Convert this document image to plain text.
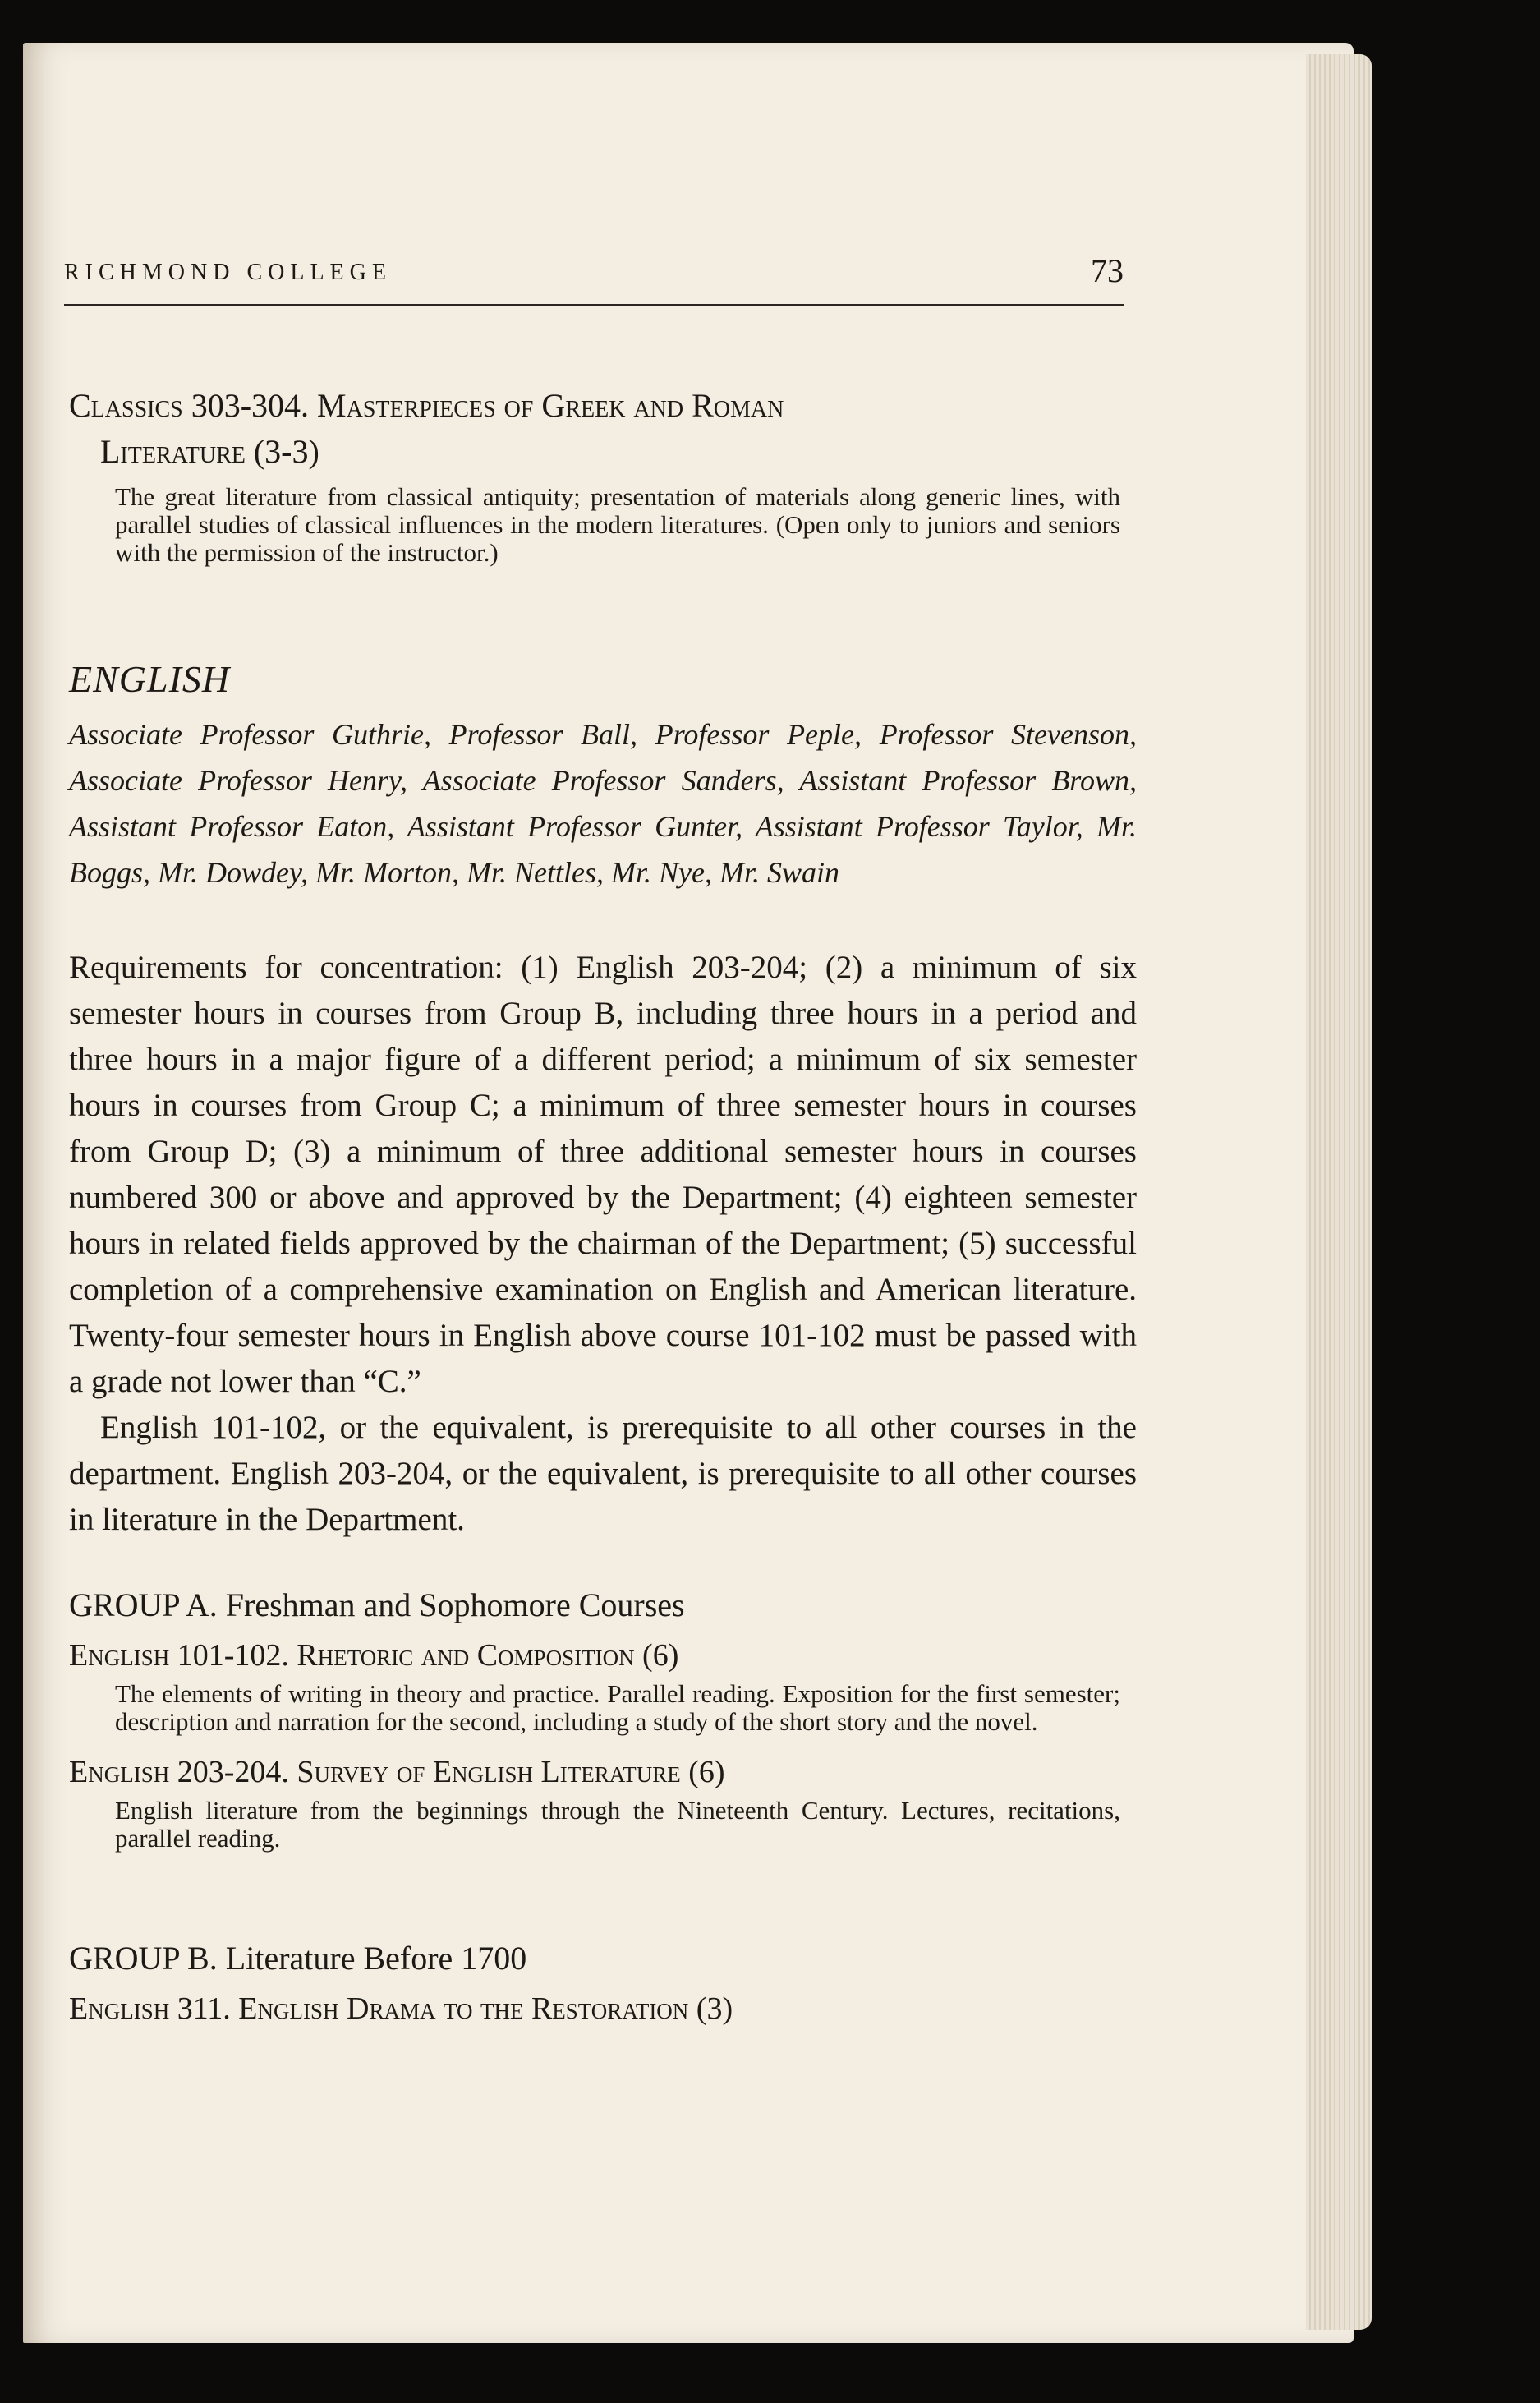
RICHMOND COLLEGE	73
Classics 303-304. Masterpieces of Greek and Roman
Literature (3-3)
The great literature from classical antiquity; presentation of materials along generic lines, with parallel studies of classical influences in the modern literatures. (Open only to juniors and seniors with the permission of the instructor.)
ENGLISH
Associate Professor Guthrie, Professor Ball, Professor Peple, Professor Stevenson, Associate Professor Henry, Associate Professor Sanders, Assistant Professor Brown, Assistant Professor Eaton, Assistant Professor Gunter, Assistant Professor Taylor, Mr. Boggs, Mr. Dowdey, Mr. Morton, Mr. Nettles, Mr. Nye, Mr. Swain

Requirements for concentration: (1) English 203-204; (2) a minimum of six semester hours in courses from Group B, including three hours in a period and three hours in a major figure of a different period; a minimum of six semester hours in courses from Group C; a minimum of three semester hours in courses from Group D; (3) a minimum of three additional semester hours in courses numbered 300 or above and approved by the Department; (4) eighteen semester hours in related fields approved by the chairman of the Department; (5) successful completion of a comprehensive examination on English and American literature. Twenty-four semester hours in English above course 101-102 must be passed with a grade not lower than “C.”

English 101-102, or the equivalent, is prerequisite to all other courses in the department. English 203-204, or the equivalent, is prerequisite to all other courses in literature in the Department.

GROUP A. Freshman and Sophomore Courses
English 101-102. Rhetoric and Composition (6)
The elements of writing in theory and practice. Parallel reading. Exposition for the first semester; description and narration for the second, including a study of the short story and the novel.
English 203-204. Survey of English Literature (6)
English literature from the beginnings through the Nineteenth Century. Lectures, recitations, parallel reading.
GROUP B. Literature Before 1700
English 311. English Drama to the Restoration (3)
